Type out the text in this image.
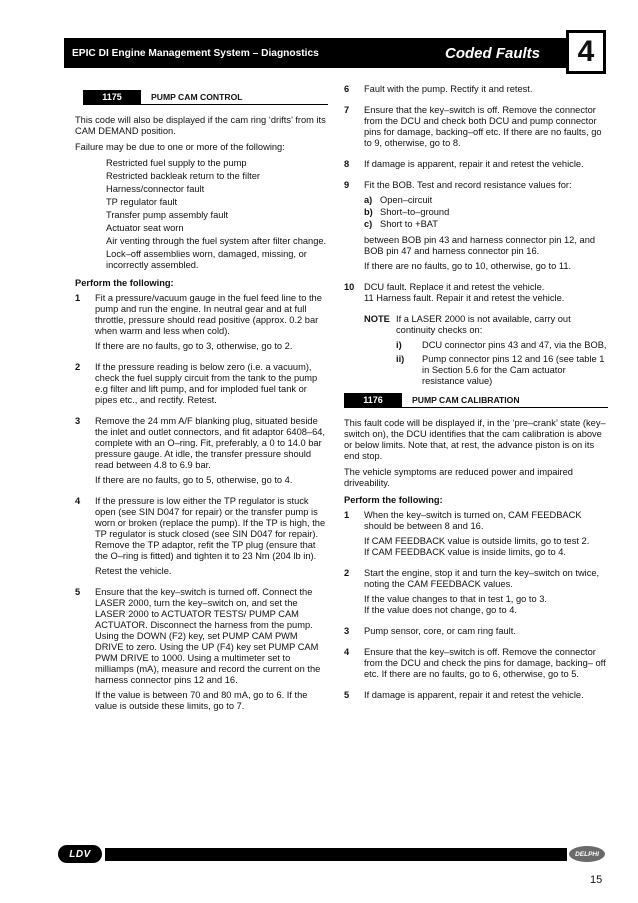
EPIC DI Engine Management System – Diagnostics	Coded Faults	4
1175	PUMP CAM CONTROL

This code will also be displayed if the cam ring ‘drifts’ from its CAM DEMAND position.

Failure may be due to one or more of the following:

Restricted fuel supply to the pump
Restricted backleak return to the filter
Harness/connector fault
TP regulator fault
Transfer pump assembly fault
Actuator seat worn
Air venting through the fuel system after filter change.
Lock–off assemblies worn, damaged, missing, or incorrectly assembled.
Perform the following:
1	Fit a pressure/vacuum gauge in the fuel feed line to the pump and run the engine. In neutral gear and at full throttle, pressure should read positive (approx. 0.2 bar when warm and less when cold).

If there are no faults, go to 3, otherwise, go to 2.

2	If the pressure reading is below zero (i.e. a vacuum), check the fuel supply circuit from the tank to the pump e.g filter and lift pump, and for imploded fuel tank or pipes etc., and rectify. Retest.

3	Remove the 24 mm A/F blanking plug, situated beside the inlet and outlet connectors, and fit adaptor 6408–64, complete with an O–ring. Fit, preferably, a 0 to 14.0 bar pressure gauge. At idle, the transfer pressure should read between 4.8 to 6.9 bar.

If there are no faults, go to 5, otherwise, go to 4.

4	If the pressure is low either the TP regulator is stuck open (see SIN D047 for repair) or the transfer pump is worn or broken (replace the pump). If the TP is high, the TP regulator is stuck closed (see SIN D047 for repair). Remove the TP adaptor, refit the TP plug (ensure that the O–ring is fitted) and tighten it to 23 Nm (204 lb in).

Retest the vehicle.

5	Ensure that the key–switch is turned off. Connect the LASER 2000, turn the key–switch on, and set the LASER 2000 to ACTUATOR TESTS/ PUMP CAM ACTUATOR. Disconnect the harness from the pump. Using the DOWN (F2) key, set PUMP CAM PWM DRIVE to zero. Using the UP (F4) key set PUMP CAM PWM DRIVE to 1000. Using a multimeter set to milliamps (mA), measure and record the current on the harness connector pins 12 and 16.

If the value is between 70 and 80 mA, go to 6. If the value is outside these limits, go to 7.

6	Fault with the pump. Rectify it and retest.

7	Ensure that the key–switch is off. Remove the connector from the DCU and check both DCU and pump connector pins for damage, backing–off etc. If there are no faults, go to 9, otherwise, go to 8.

8	If damage is apparent, repair it and retest the vehicle.

9	Fit the BOB. Test and record resistance values for:

a) Open–circuit
b) Short–to–ground
c) Short to +BAT

between BOB pin 43 and harness connector pin 12, and BOB pin 47 and harness connector pin 16.

If there are no faults, go to 10, otherwise, go to 11.

10	DCU fault. Replace it and retest the vehicle.
11 Harness fault. Repair it and retest the vehicle.

NOTE If a LASER 2000 is not available, carry out continuity checks on:
i)	DCU connector pins 43 and 47, via the BOB,
ii)	Pump connector pins 12 and 16 (see table 1 in Section 5.6 for the Cam actuator resistance value)
1176	PUMP CAM CALIBRATION

This fault code will be displayed if, in the ‘pre–crank’ state (key–switch on), the DCU identifies that the cam calibration is above or below limits. Note that, at rest, the advance piston is on its end stop.

The vehicle symptoms are reduced power and impaired driveability.

Perform the following:
1	When the key–switch is turned on, CAM FEEDBACK should be between 8 and 16.

If CAM FEEDBACK value is outside limits, go to test 2.
If CAM FEEDBACK value is inside limits, go to 4.

2	Start the engine, stop it and turn the key–switch on twice, noting the CAM FEEDBACK values.

If the value changes to that in test 1, go to 3.
If the value does not change, go to 4.

3	Pump sensor, core, or cam ring fault.

4	Ensure that the key–switch is off. Remove the connector from the DCU and check the pins for damage, backing– off etc. If there are no faults, go to 6, otherwise, go to 5.

5	If damage is apparent, repair it and retest the vehicle.

LDV	DELPHI
15
